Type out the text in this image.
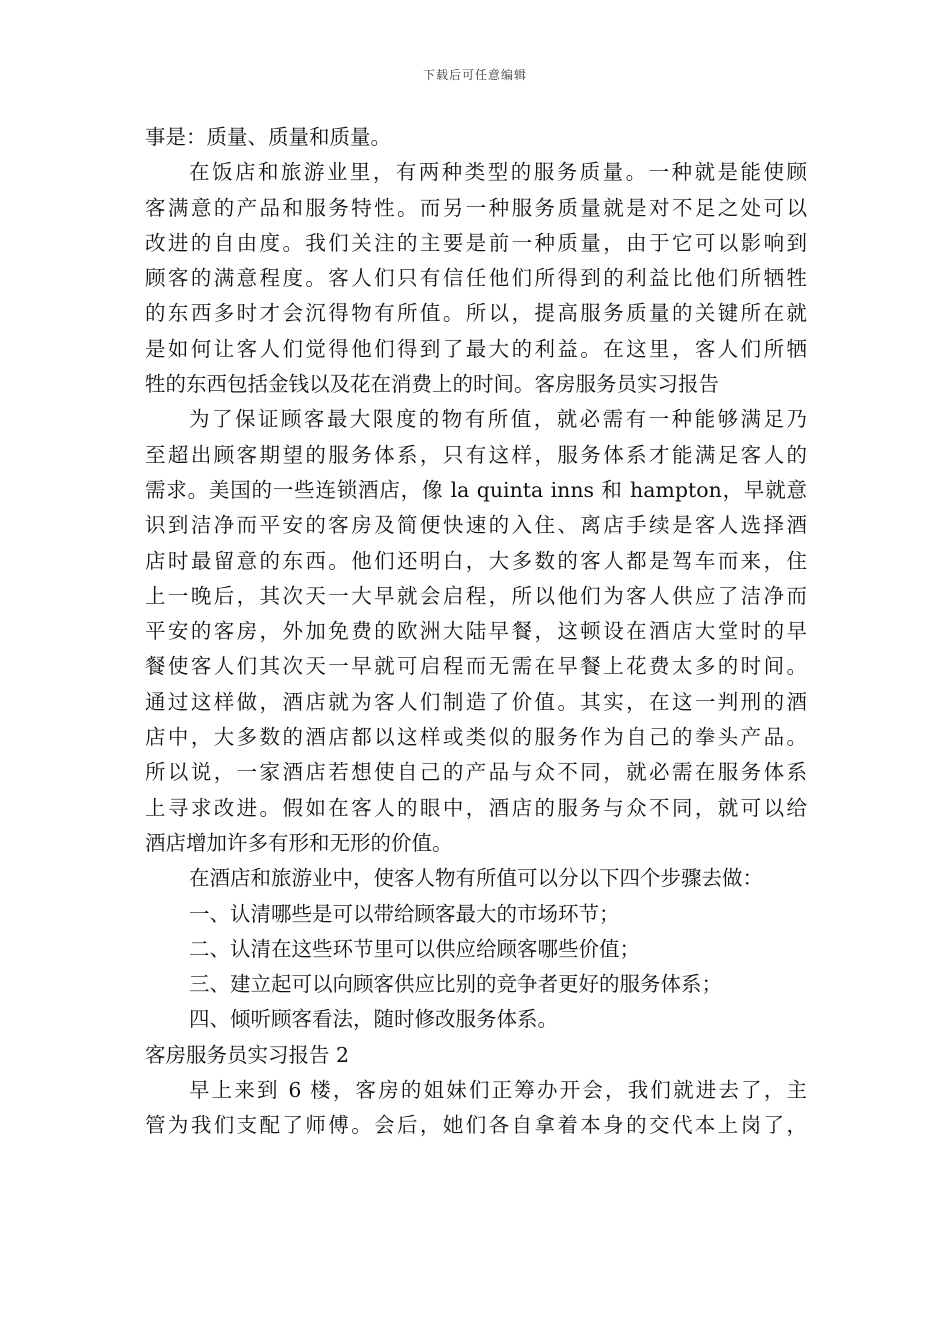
下载后可任意编辑
事是：质量、质量和质量。
在饭店和旅游业里，有两种类型的服务质量。一种就是能使顾
客满意的产品和服务特性。而另一种服务质量就是对不足之处可以
改进的自由度。我们关注的主要是前一种质量，由于它可以影响到
顾客的满意程度。客人们只有信任他们所得到的利益比他们所牺牲
的东西多时才会沉得物有所值。所以，提高服务质量的关键所在就
是如何让客人们觉得他们得到了最大的利益。在这里，客人们所牺
牲的东西包括金钱以及花在消费上的时间。客房服务员实习报告
为了保证顾客最大限度的物有所值，就必需有一种能够满足乃
至超出顾客期望的服务体系，只有这样，服务体系才能满足客人的
需求。美国的一些连锁酒店，像 la quinta inns 和 hampton，早就意
识到洁净而平安的客房及简便快速的入住、离店手续是客人选择酒
店时最留意的东西。他们还明白，大多数的客人都是驾车而来，住
上一晚后，其次天一大早就会启程，所以他们为客人供应了洁净而
平安的客房，外加免费的欧洲大陆早餐，这顿设在酒店大堂时的早
餐使客人们其次天一早就可启程而无需在早餐上花费太多的时间。
通过这样做，酒店就为客人们制造了价值。其实，在这一判刑的酒
店中，大多数的酒店都以这样或类似的服务作为自己的拳头产品。
所以说，一家酒店若想使自己的产品与众不同，就必需在服务体系
上寻求改进。假如在客人的眼中，酒店的服务与众不同，就可以给
酒店增加许多有形和无形的价值。
在酒店和旅游业中，使客人物有所值可以分以下四个步骤去做：
一、认清哪些是可以带给顾客最大的市场环节；
二、认清在这些环节里可以供应给顾客哪些价值；
三、建立起可以向顾客供应比别的竞争者更好的服务体系；
四、倾听顾客看法，随时修改服务体系。
客房服务员实习报告 2
早上来到 6 楼，客房的姐妹们正筹办开会，我们就进去了，主
管为我们支配了师傅。会后，她们各自拿着本身的交代本上岗了，
